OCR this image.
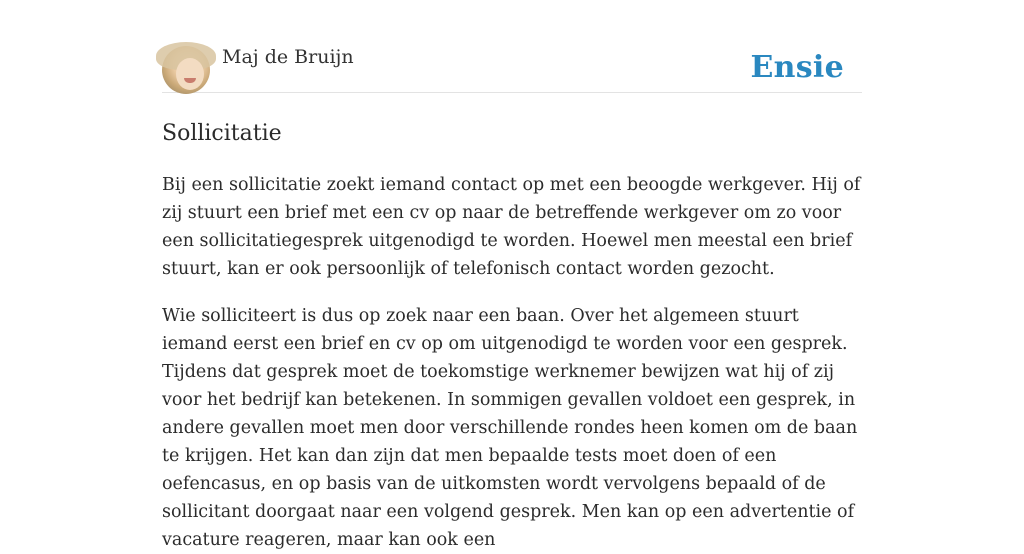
Maj de Bruijn	Ensie
Sollicitatie

Bij een sollicitatie zoekt iemand contact op met een beoogde werkgever. Hij of zij stuurt een brief met een cv op naar de betreffende werkgever om zo voor een sollicitatiegesprek uitgenodigd te worden. Hoewel men meestal een brief stuurt, kan er ook persoonlijk of telefonisch contact worden gezocht.

Wie solliciteert is dus op zoek naar een baan. Over het algemeen stuurt iemand eerst een brief en cv op om uitgenodigd te worden voor een gesprek. Tijdens dat gesprek moet de toekomstige werknemer bewijzen wat hij of zij voor het bedrijf kan betekenen. In sommigen gevallen voldoet een gesprek, in andere gevallen moet men door verschillende rondes heen komen om de baan te krijgen. Het kan dan zijn dat men bepaalde tests moet doen of een oefencasus, en op basis van de uitkomsten wordt vervolgens bepaald of de sollicitant doorgaat naar een volgend gesprek. Men kan op een advertentie of vacature reageren, maar kan ook een
